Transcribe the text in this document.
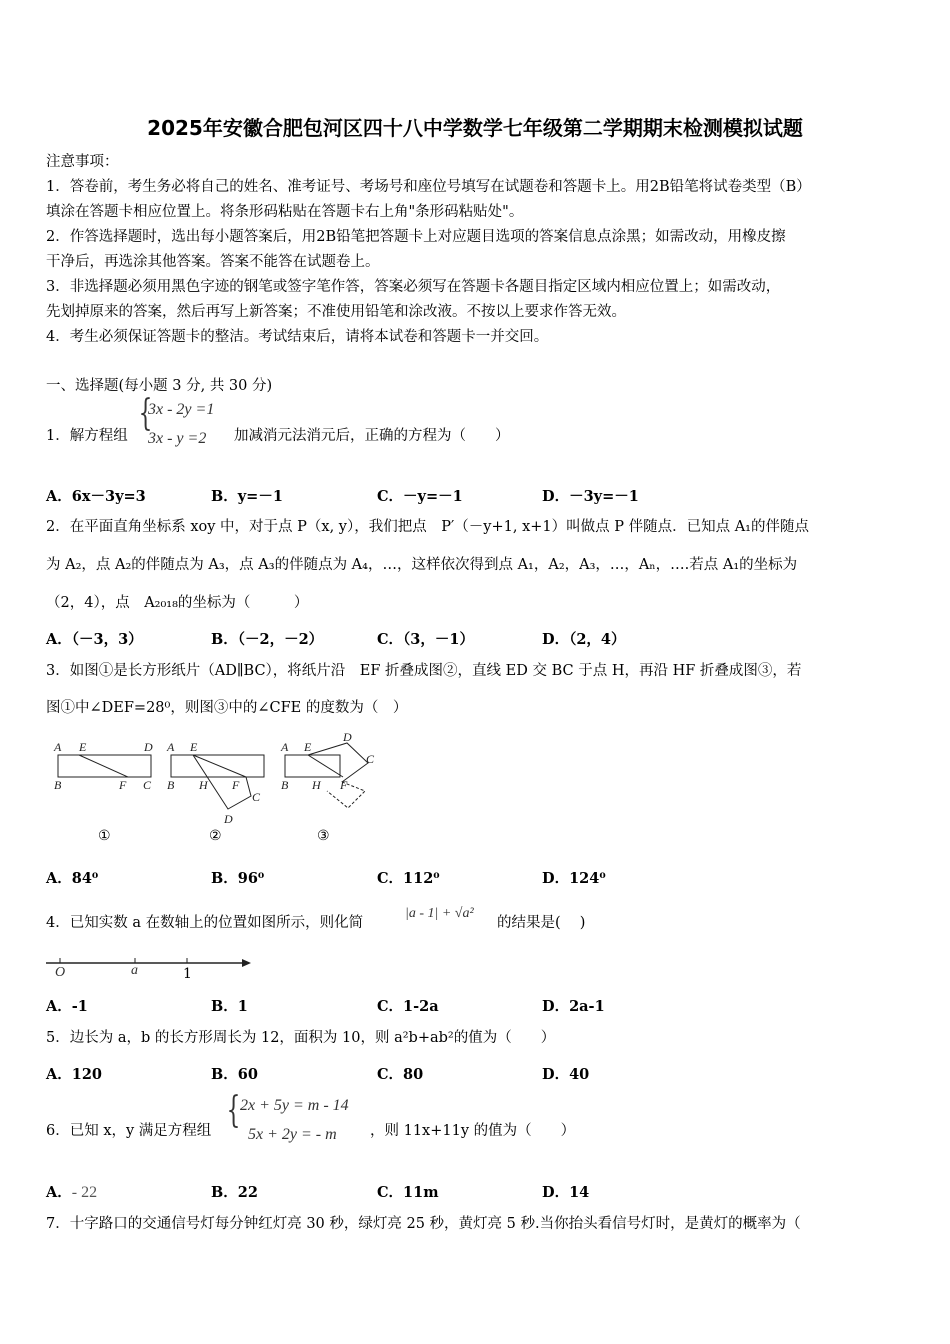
2025年安徽合肥包河区四十八中学数学七年级第二学期期末检测模拟试题
注意事项：
1．答卷前，考生务必将自己的姓名、准考证号、考场号和座位号填写在试题卷和答题卡上。用2B铅笔将试卷类型（B）
填涂在答题卡相应位置上。将条形码粘贴在答题卡右上角"条形码粘贴处"。
2．作答选择题时，选出每小题答案后，用2B铅笔把答题卡上对应题目选项的答案信息点涂黑；如需改动，用橡皮擦
干净后，再选涂其他答案。答案不能答在试题卷上。
3．非选择题必须用黑色字迹的钢笔或签字笔作答，答案必须写在答题卡各题目指定区域内相应位置上；如需改动，
先划掉原来的答案，然后再写上新答案；不准使用铅笔和涂改液。不按以上要求作答无效。
4．考生必须保证答题卡的整洁。考试结束后，请将本试卷和答题卡一并交回。
一、选择题(每小题 3 分, 共 30 分)
1．解方程组
{
3x - 2y =1
3x - y =2 加减消元法消元后，正确的方程为（　　）
A．6x－3y=3	B．y=－1	C．－y=－1	D．－3y=－1
2．在平面直角坐标系 xoy 中，对于点 P（x, y），我们把点　P′（－y+1, x+1）叫做点 P 伴随点．已知点 A₁的伴随点
为 A₂，点 A₂的伴随点为 A₃，点 A₃的伴随点为 A₄，…，这样依次得到点 A₁，A₂，A₃，…，Aₙ，….若点 A₁的坐标为
（2，4），点　A₂₀₁₈的坐标为（　　　）
A．（－3，3）	B．（－2，－2）	C．（3，－1）	D．（2，4）
3．如图①是长方形纸片（AD∥BC），将纸片沿　EF 折叠成图②，直线 ED 交 BC 于点 H，再沿 HF 折叠成图③，若
图①中∠DEF=28⁰，则图③中的∠CFE 的度数为（　）
A E	D
B	F C
A E
B H F
C
D
A E
D
C
B H F
①	②	③
A．84⁰	B．96⁰	C．112⁰	D．124⁰
4．已知实数 a 在数轴上的位置如图所示，则化简
|a - 1| + √a²
的结果是(　 )
O	a	1
A．-1	B．1	C．1-2a	D．2a-1
5．边长为 a，b 的长方形周长为 12，面积为 10，则 a²b+ab²的值为（　　）
A．120	B．60	C．80	D．40
6．已知 x，y 满足方程组 { 2x + 5y = m - 14
5x + 2y = - m ，则 11x+11y 的值为（　　）
A．- 22	B．22	C．11m	D．14
7．十字路口的交通信号灯每分钟红灯亮 30 秒，绿灯亮 25 秒，黄灯亮 5 秒.当你抬头看信号灯时，是黄灯的概率为（
